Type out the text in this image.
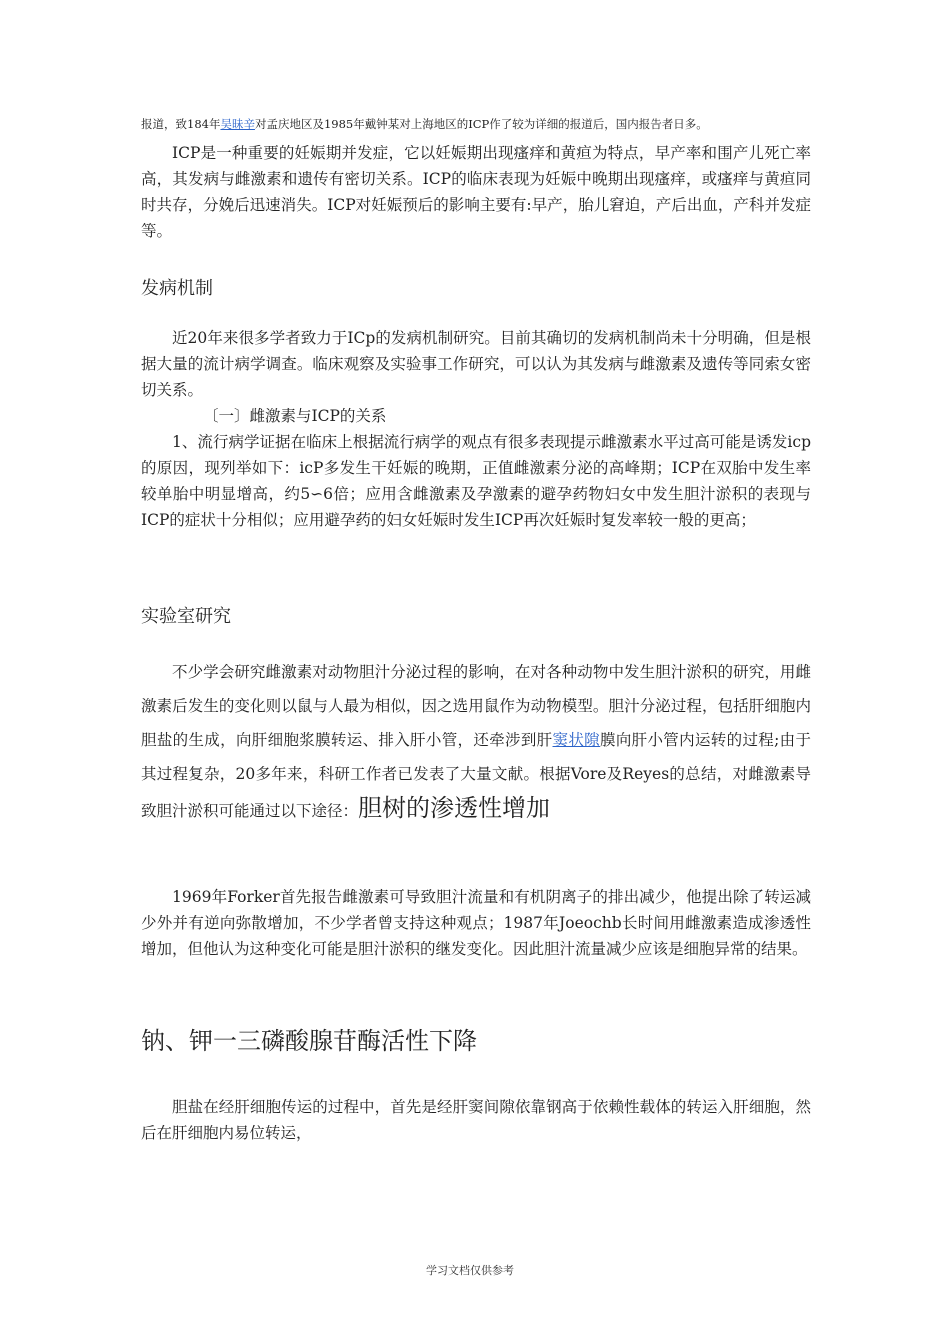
报道，致184年吴昧辛对孟庆地区及1985年戴钟某对上海地区的ICP作了较为详细的报道后，国内报告者日多。

ICP是一种重要的妊娠期并发症，它以妊娠期出现瘙痒和黄疸为特点，早产率和围产儿死亡率高，其发病与雌激素和遗传有密切关系。ICP的临床表现为妊娠中晚期出现瘙痒，或瘙痒与黄疸同时共存，分娩后迅速消失。ICP对妊娠预后的影响主要有:早产，胎儿窘迫，产后出血，产科并发症等。

发病机制

近20年来很多学者致力于ICp的发病机制研究。目前其确切的发病机制尚未十分明确，但是根据大量的流计病学调查。临床观察及实验事工作研究，可以认为其发病与雌激素及遗传等同索女密切关系。

〔一〕雌激素与ICP的关系

1、流行病学证据在临床上根据流行病学的观点有很多表现提示雌激素水平过高可能是诱发icp的原因，现列举如下：icP多发生干妊娠的晚期，正值雌激素分泌的高峰期；ICP在双胎中发生率较单胎中明显增高，约5∽6倍；应用含雌激素及孕激素的避孕药物妇女中发生胆汁淤积的表现与ICP的症状十分相似；应用避孕药的妇女妊娠时发生ICP再次妊娠时复发率较一般的更高；

实验室研究

不少学会研究雌激素对动物胆汁分泌过程的影响，在对各种动物中发生胆汁淤积的研究，用雌激素后发生的变化则以鼠与人最为相似，因之选用鼠作为动物模型。胆汁分泌过程，包括肝细胞内胆盐的生成，向肝细胞浆膜转运、排入肝小管，还牵涉到肝窦状隙膜向肝小管内运转的过程;由于其过程复杂，20多年来，科研工作者已发表了大量文献。根据Vore及Reyes的总结，对雌激素导致胆汁淤积可能通过以下途径：胆树的渗透性增加

1969年Forker首先报告雌激素可导致胆汁流量和有机阴离子的排出减少，他提出除了转运减少外并有逆向弥散增加，不少学者曾支持这种观点；1987年Joeochb长时间用雌激素造成渗透性增加，但他认为这种变化可能是胆汁淤积的继发变化。因此胆汁流量减少应该是细胞异常的结果。

钠、钾一三磷酸腺苷酶活性下降

胆盐在经肝细胞传运的过程中，首先是经肝窦间隙依靠钢高于依赖性载体的转运入肝细胞，然后在肝细胞内易位转运，

学习文档仅供参考
